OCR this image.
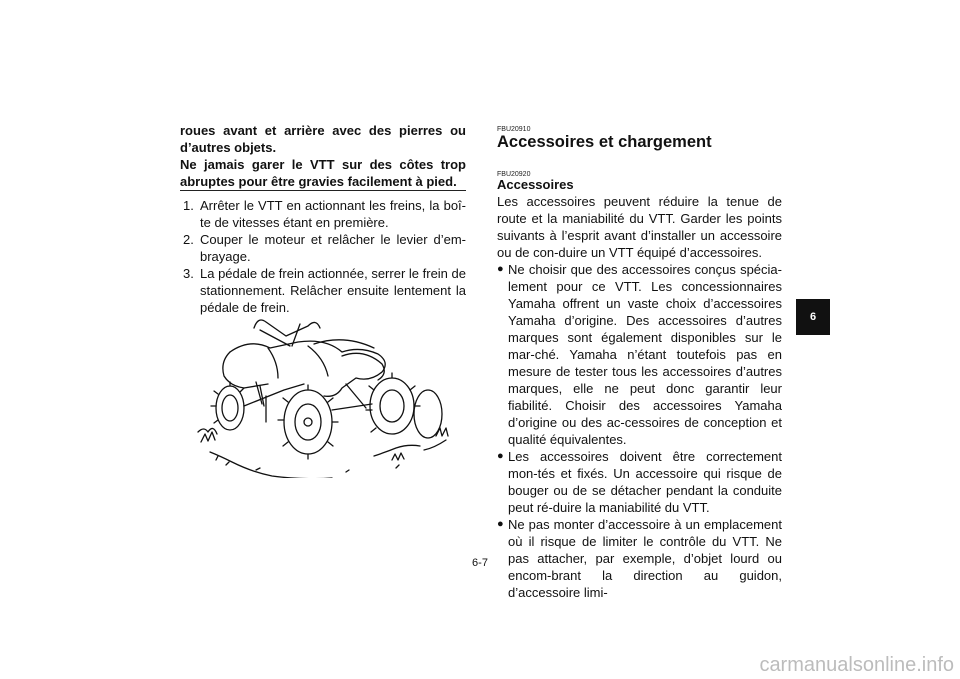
roues avant et arrière avec des pierres ou d’autres objets.

Ne jamais garer le VTT sur des côtes trop abruptes pour être gravies facilement à pied.

1. Arrêter le VTT en actionnant les freins, la boî-te de vitesses étant en première.
2. Couper le moteur et relâcher le levier d’em-brayage.
3. La pédale de frein actionnée, serrer le frein de stationnement. Relâcher ensuite lentement la pédale de frein.
FBU20910
Accessoires et chargement
FBU20920
Accessoires

Les accessoires peuvent réduire la tenue de route et la maniabilité du VTT. Garder les points suivants à l’esprit avant d’installer un accessoire ou de con-duire un VTT équipé d’accessoires.

● Ne choisir que des accessoires conçus spécia-lement pour ce VTT. Les concessionnaires Yamaha offrent un vaste choix d’accessoires Yamaha d’origine. Des accessoires d’autres marques sont également disponibles sur le mar-ché. Yamaha n’étant toutefois pas en mesure de tester tous les accessoires d’autres marques, elle ne peut donc garantir leur fiabilité. Choisir des accessoires Yamaha d’origine ou des ac-cessoires de conception et qualité équivalentes.
● Les accessoires doivent être correctement mon-tés et fixés. Un accessoire qui risque de bouger ou de se détacher pendant la conduite peut ré-duire la maniabilité du VTT.
● Ne pas monter d’accessoire à un emplacement où il risque de limiter le contrôle du VTT. Ne pas attacher, par exemple, d’objet lourd ou encom-brant la direction au guidon, d’accessoire limi-
6
6-7
carmanualsonline.info
